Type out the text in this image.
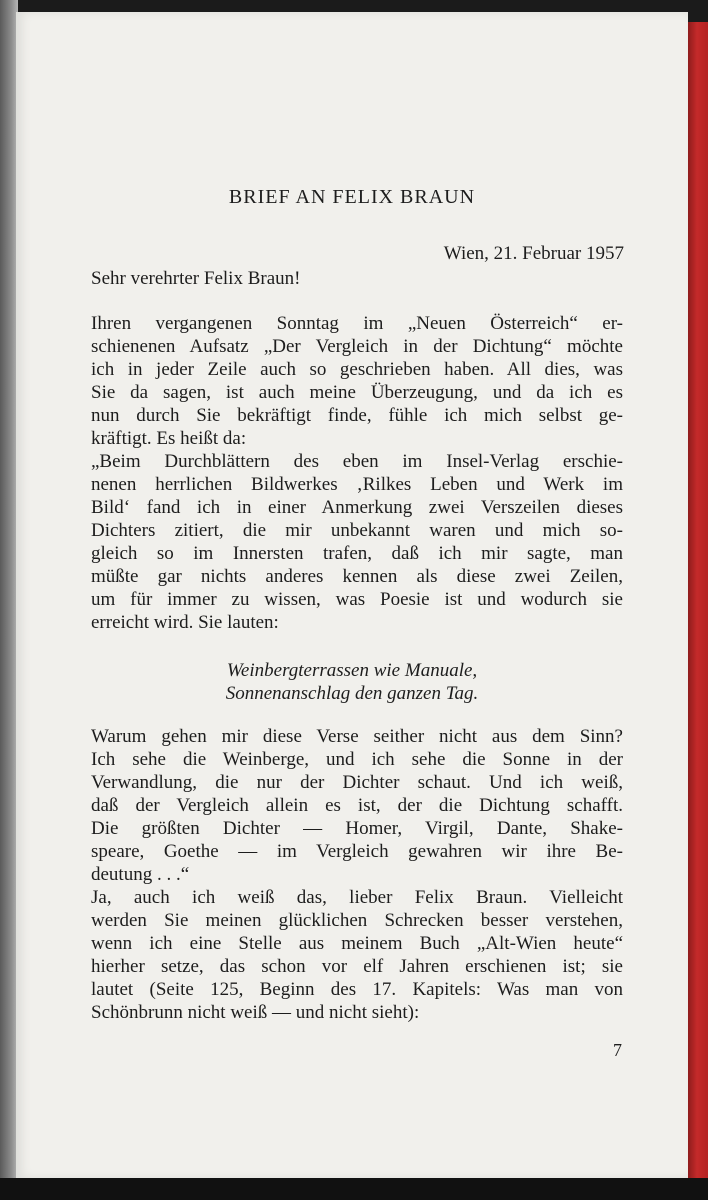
BRIEF AN FELIX BRAUN
Wien, 21. Februar 1957
Sehr verehrter Felix Braun!
Ihren vergangenen Sonntag im „Neuen Österreich“ er-
schienenen Aufsatz „Der Vergleich in der Dichtung“ möchte
ich in jeder Zeile auch so geschrieben haben. All dies, was
Sie da sagen, ist auch meine Überzeugung, und da ich es
nun durch Sie bekräftigt finde, fühle ich mich selbst ge-
kräftigt. Es heißt da:
„Beim Durchblättern des eben im Insel-Verlag erschie-
nenen herrlichen Bildwerkes ‚Rilkes Leben und Werk im
Bild‘ fand ich in einer Anmerkung zwei Verszeilen dieses
Dichters zitiert, die mir unbekannt waren und mich so-
gleich so im Innersten trafen, daß ich mir sagte, man
müßte gar nichts anderes kennen als diese zwei Zeilen,
um für immer zu wissen, was Poesie ist und wodurch sie
erreicht wird. Sie lauten:
Weinbergterrassen wie Manuale,
Sonnenanschlag den ganzen Tag.
Warum gehen mir diese Verse seither nicht aus dem Sinn?
Ich sehe die Weinberge, und ich sehe die Sonne in der
Verwandlung, die nur der Dichter schaut. Und ich weiß,
daß der Vergleich allein es ist, der die Dichtung schafft.
Die größten Dichter — Homer, Virgil, Dante, Shake-
speare, Goethe — im Vergleich gewahren wir ihre Be-
deutung . . .“
Ja, auch ich weiß das, lieber Felix Braun. Vielleicht
werden Sie meinen glücklichen Schrecken besser verstehen,
wenn ich eine Stelle aus meinem Buch „Alt-Wien heute“
hierher setze, das schon vor elf Jahren erschienen ist; sie
lautet (Seite 125, Beginn des 17. Kapitels: Was man von
Schönbrunn nicht weiß — und nicht sieht):
7
